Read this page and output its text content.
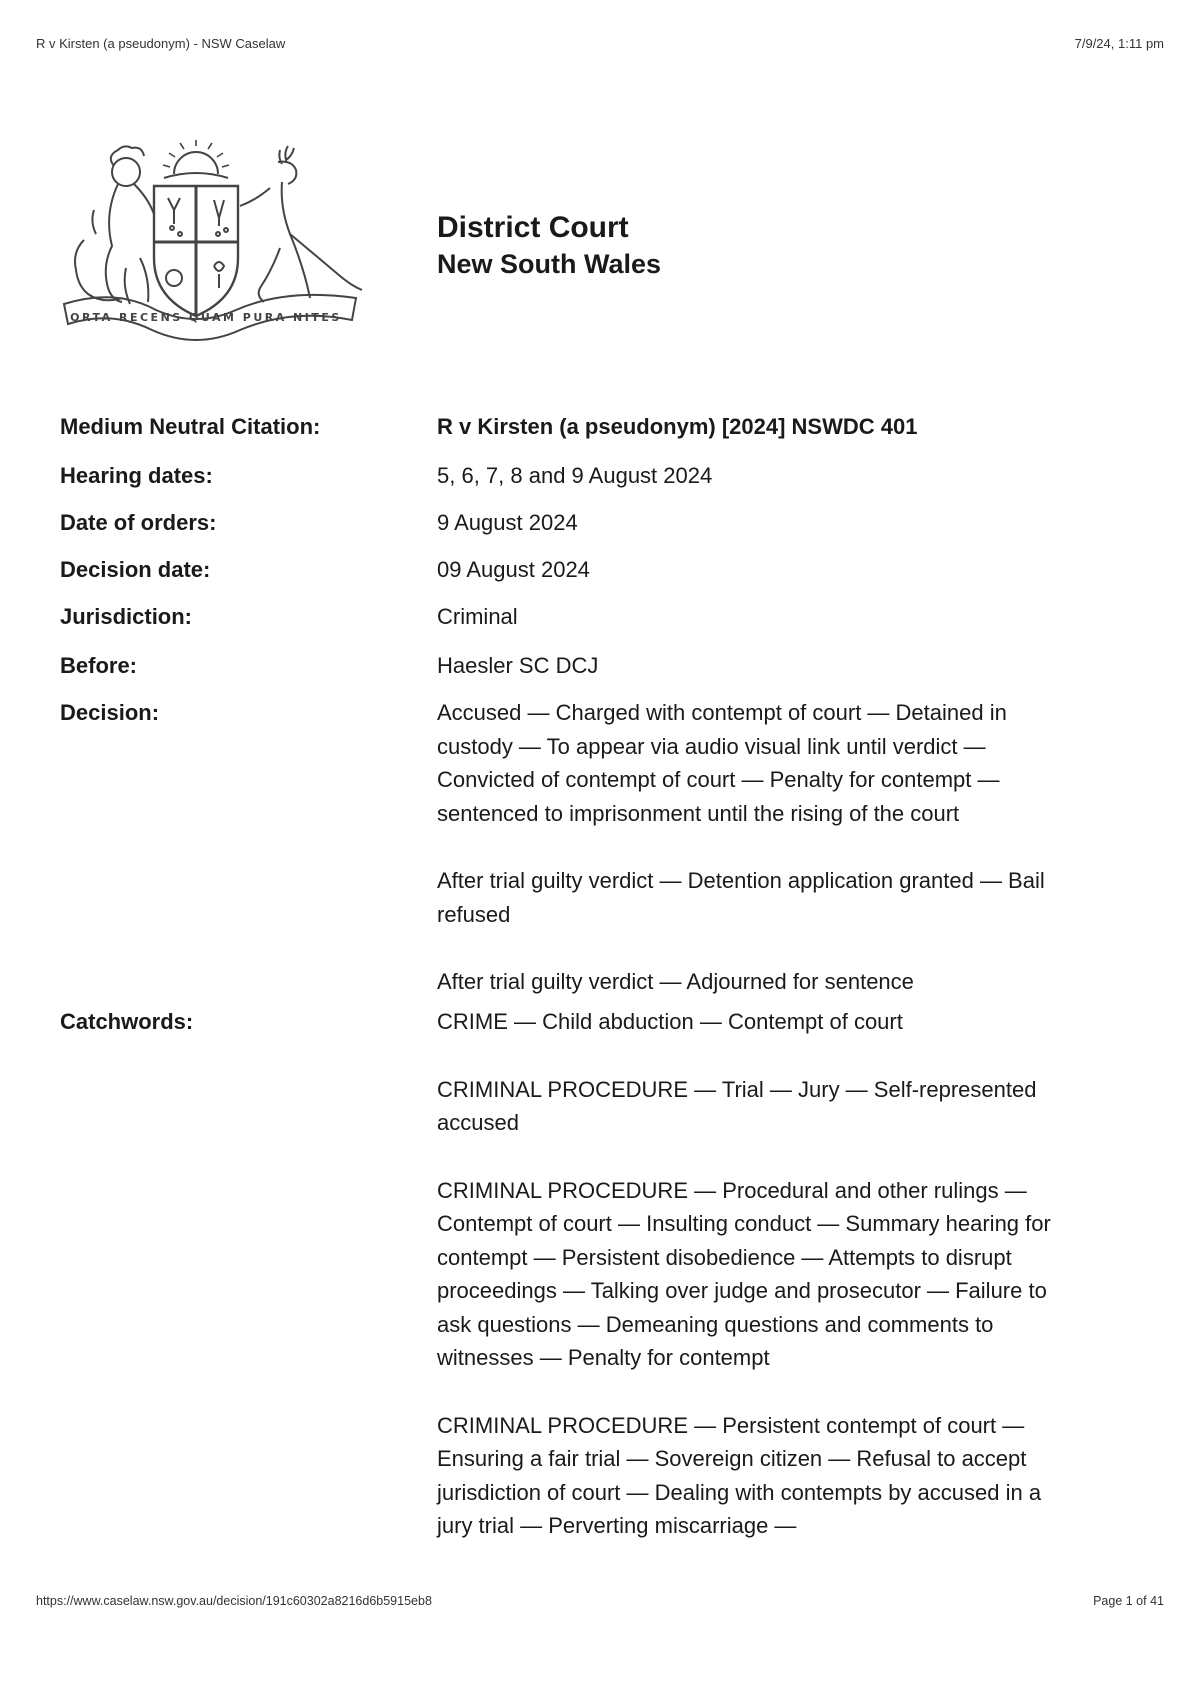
R v Kirsten (a pseudonym) - NSW Caselaw	7/9/24, 1:11 pm
ORTA RECENS QUAM PURA NITES
District Court
New South Wales
Medium Neutral Citation:	R v Kirsten (a pseudonym) [2024] NSWDC 401
Hearing dates:	5, 6, 7, 8 and 9 August 2024
Date of orders:	9 August 2024
Decision date:	09 August 2024
Jurisdiction:	Criminal
Before:	Haesler SC DCJ
Decision:	Accused — Charged with contempt of court — Detained in custody — To appear via audio visual link until verdict — Convicted of contempt of court — Penalty for contempt — sentenced to imprisonment until the rising of the court

After trial guilty verdict — Detention application granted — Bail refused

After trial guilty verdict — Adjourned for sentence

Catchwords:	CRIME — Child abduction — Contempt of court

CRIMINAL PROCEDURE — Trial — Jury — Self-represented accused

CRIMINAL PROCEDURE — Procedural and other rulings — Contempt of court — Insulting conduct — Summary hearing for contempt — Persistent disobedience — Attempts to disrupt proceedings — Talking over judge and prosecutor — Failure to ask questions — Demeaning questions and comments to witnesses — Penalty for contempt

CRIMINAL PROCEDURE — Persistent contempt of court — Ensuring a fair trial — Sovereign citizen — Refusal to accept jurisdiction of court — Dealing with contempts by accused in a jury trial — Perverting miscarriage —

https://www.caselaw.nsw.gov.au/decision/191c60302a8216d6b5915eb8	Page 1 of 41
